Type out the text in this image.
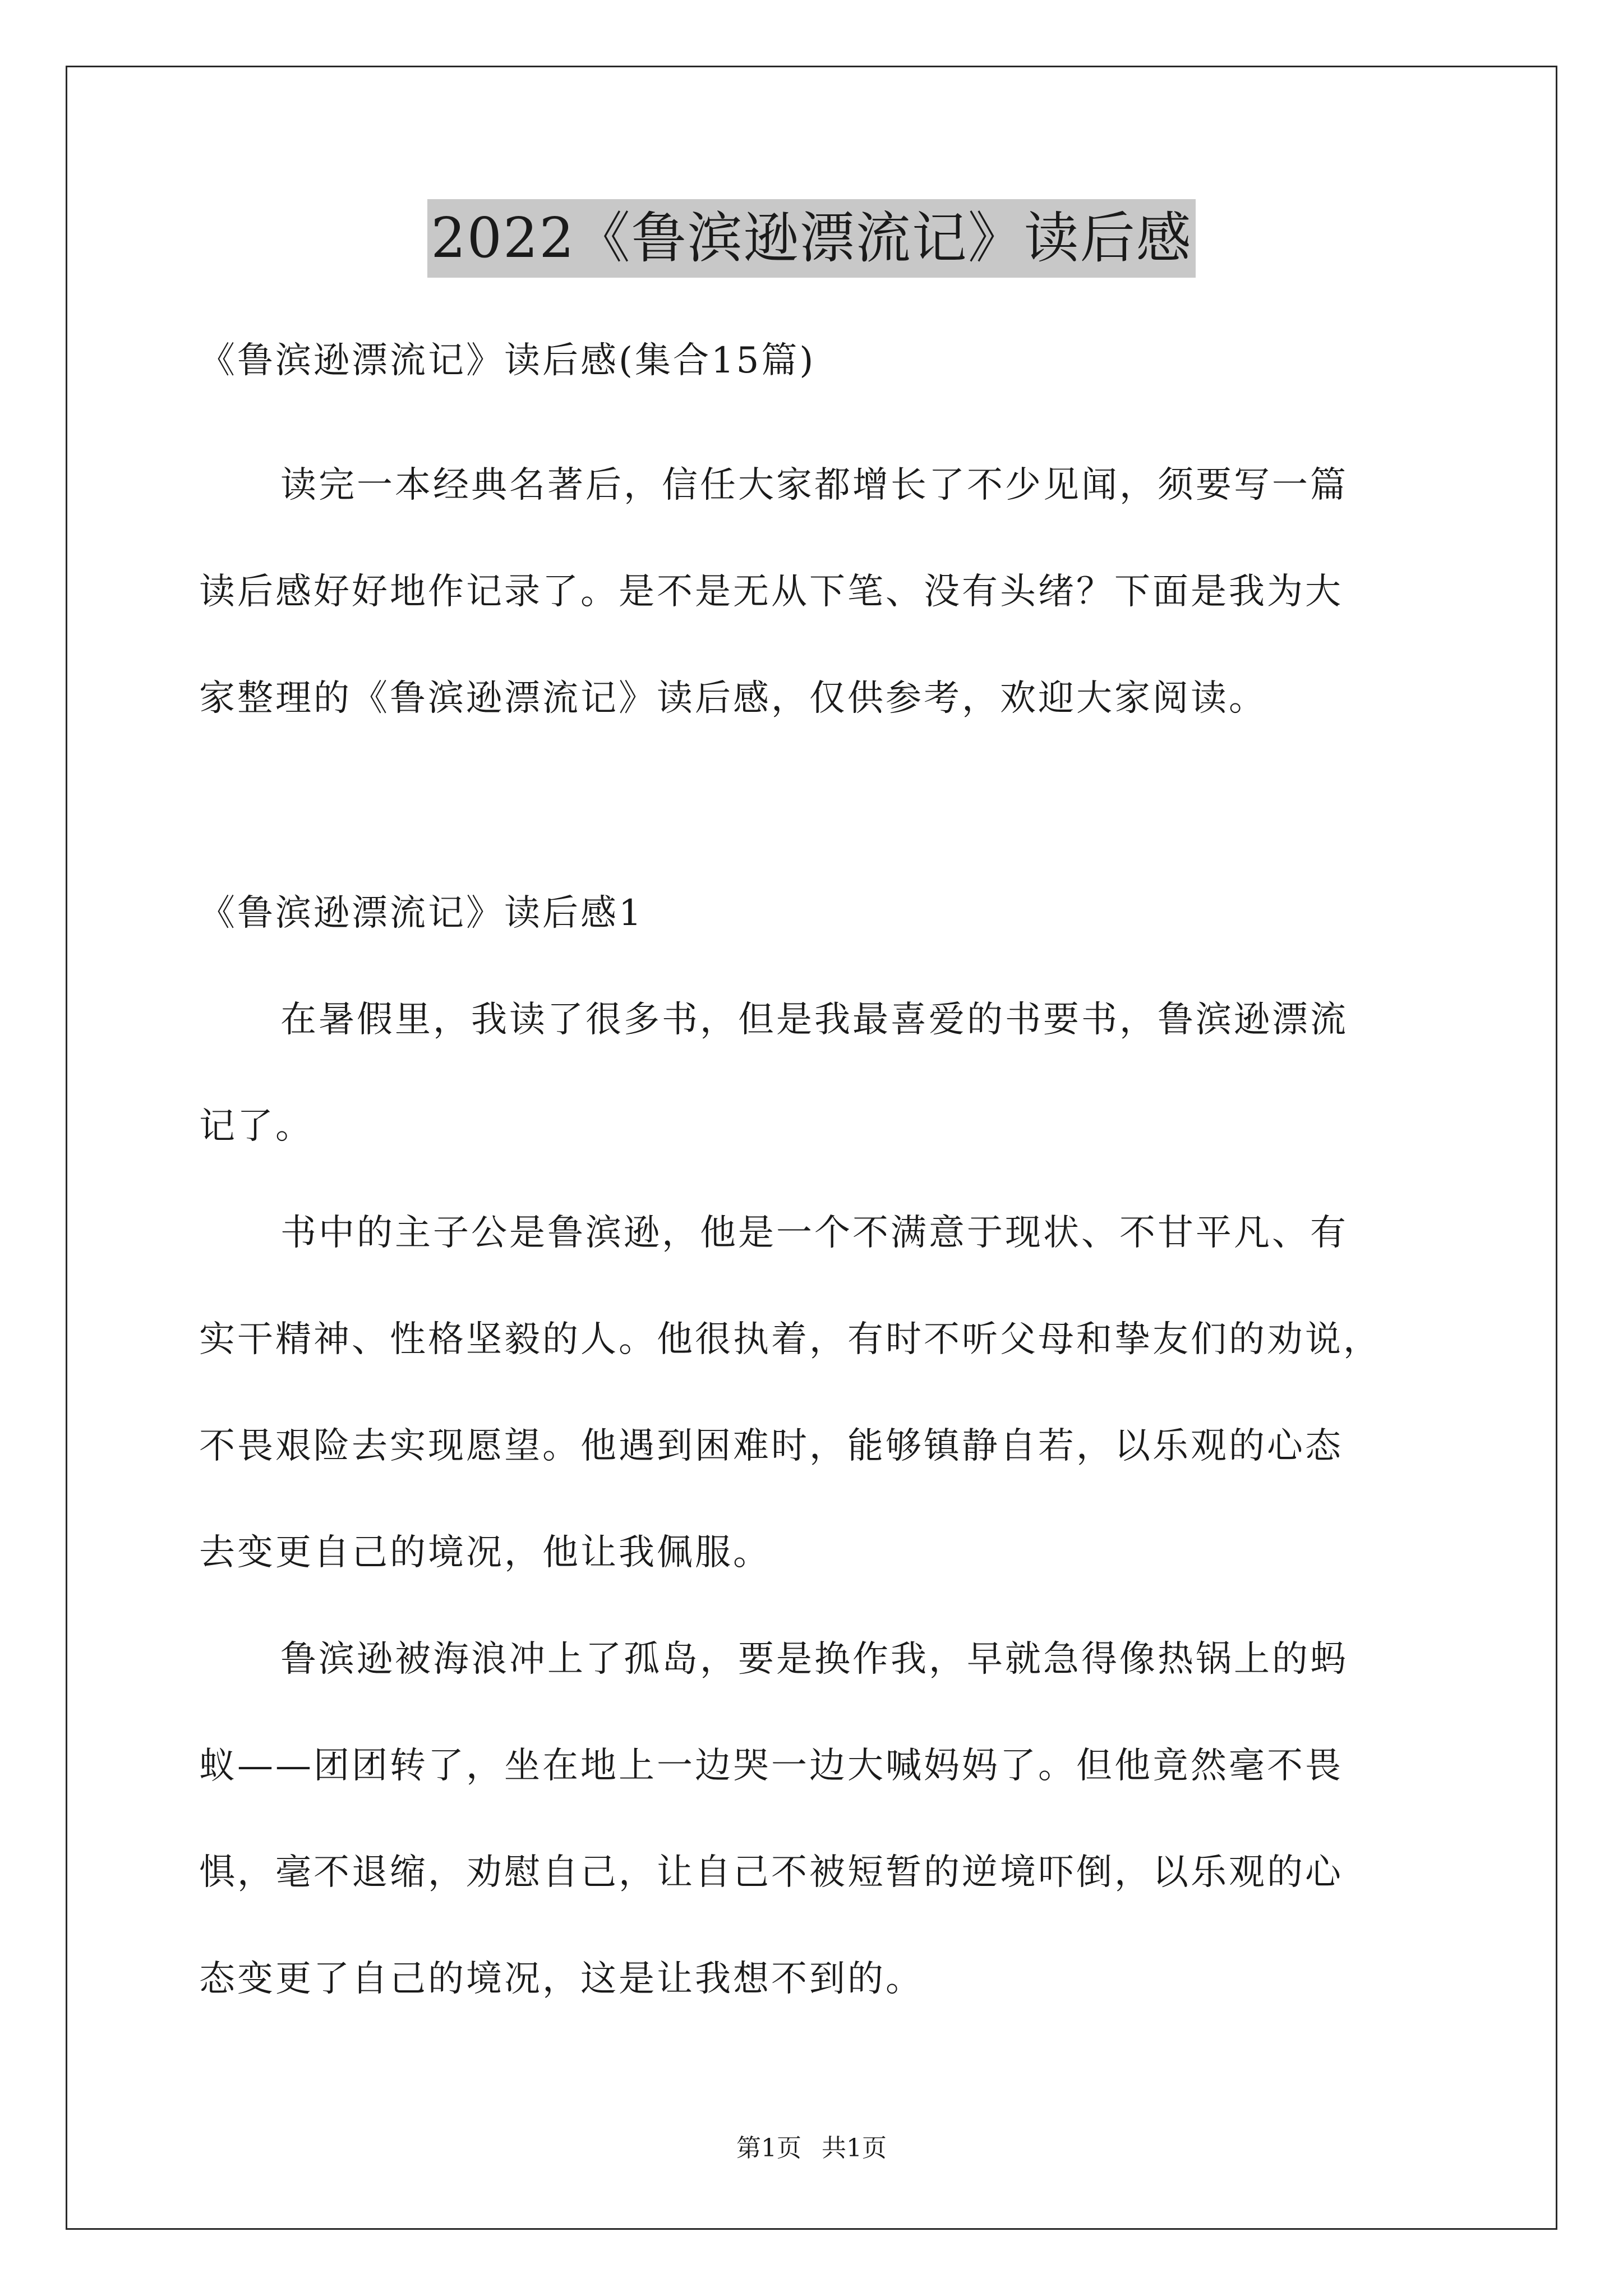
2022《鲁滨逊漂流记》读后感
《鲁滨逊漂流记》读后感(集合15篇)
读完一本经典名著后，信任大家都增长了不少见闻，须要写一篇
读后感好好地作记录了。是不是无从下笔、没有头绪？下面是我为大
家整理的《鲁滨逊漂流记》读后感，仅供参考，欢迎大家阅读。
《鲁滨逊漂流记》读后感1
在暑假里，我读了很多书，但是我最喜爱的书要书，鲁滨逊漂流
记了。
书中的主子公是鲁滨逊，他是一个不满意于现状、不甘平凡、有
实干精神、性格坚毅的人。他很执着，有时不听父母和挚友们的劝说，
不畏艰险去实现愿望。他遇到困难时，能够镇静自若，以乐观的心态
去变更自己的境况，他让我佩服。
鲁滨逊被海浪冲上了孤岛，要是换作我，早就急得像热锅上的蚂
蚁——团团转了，坐在地上一边哭一边大喊妈妈了。但他竟然毫不畏
惧，毫不退缩，劝慰自己，让自己不被短暂的逆境吓倒，以乐观的心
态变更了自己的境况，这是让我想不到的。
第1页 共1页
